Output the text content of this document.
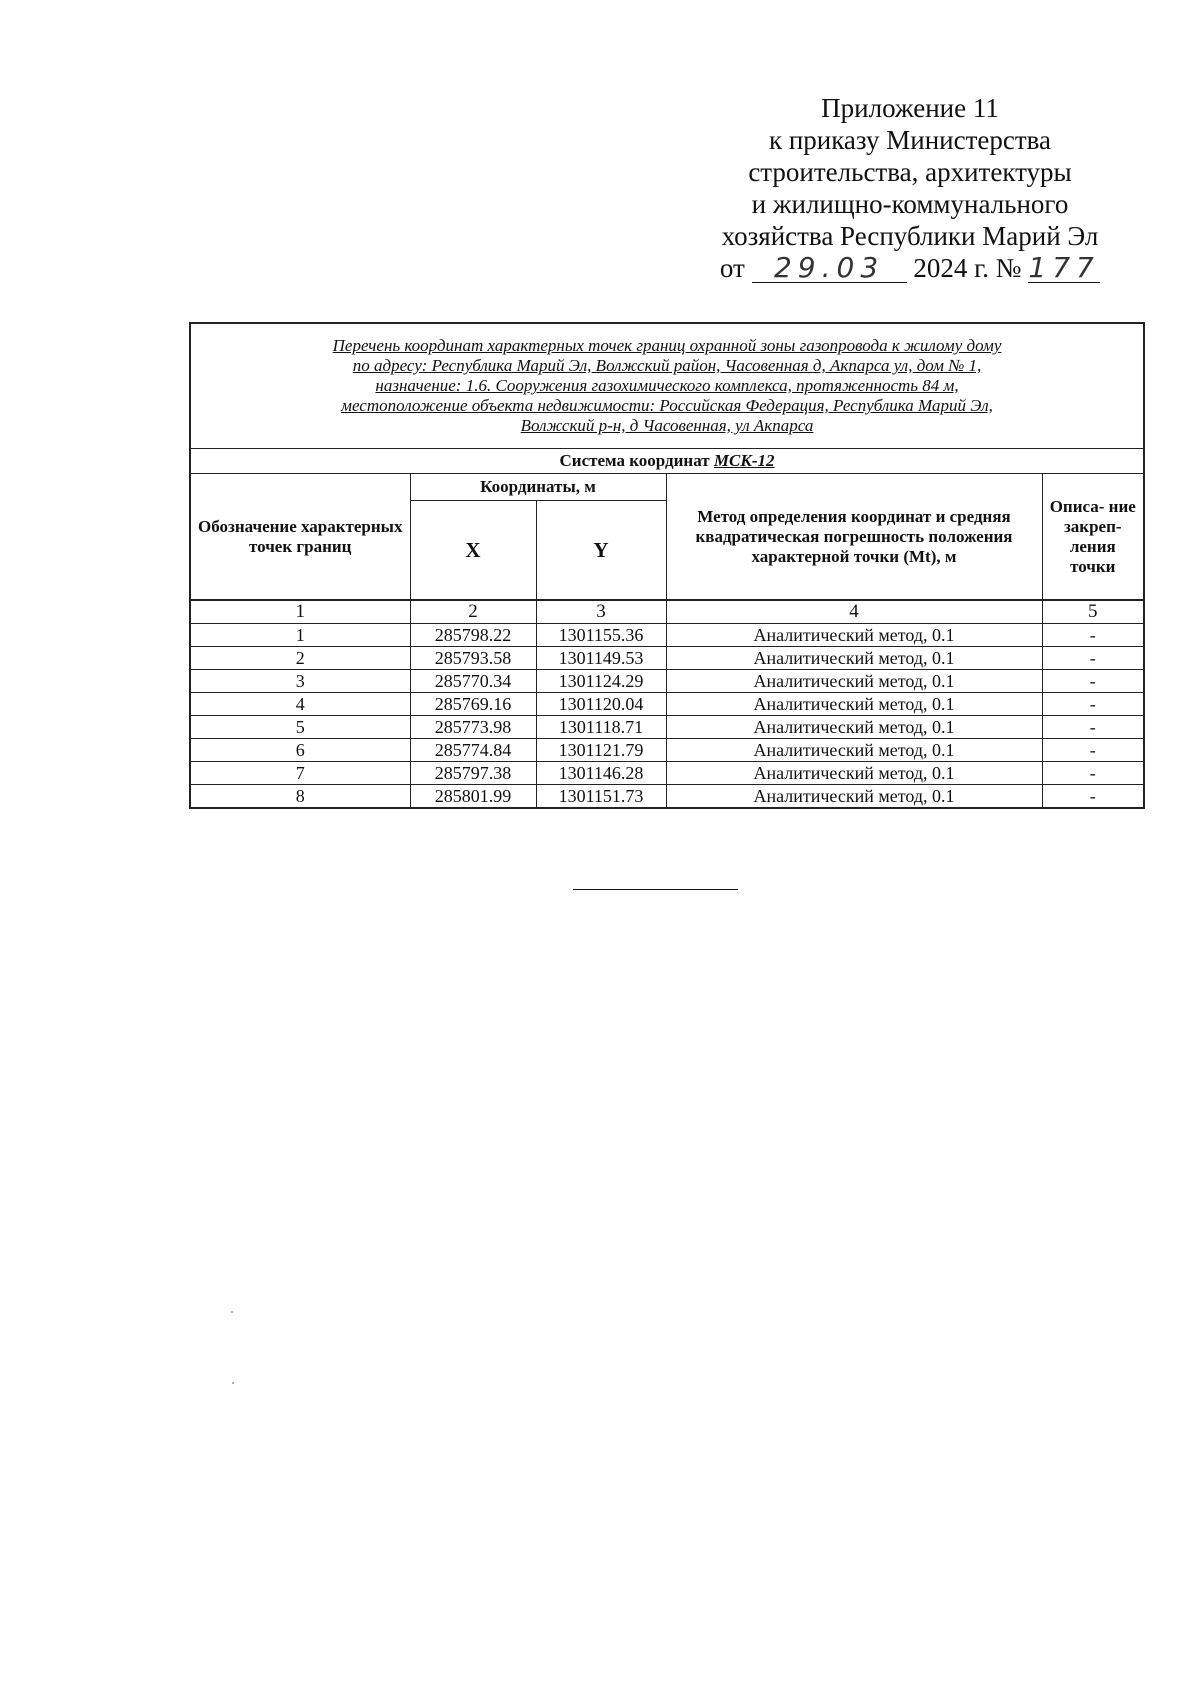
Приложение 11
к приказу Министерства
строительства, архитектуры
и жилищно-коммунального
хозяйства Республики Марий Эл
от 29.03 2024 г. № 177
Перечень координат характерных точек границ охранной зоны газопровода к жилому дому
по адресу: Республика Марий Эл, Волжский район, Часовенная д, Акпарса ул, дом № 1,
назначение: 1.6. Сооружения газохимического комплекса, протяженность 84 м,
местоположение объекта недвижимости: Российская Федерация, Республика Марий Эл,
Волжский р-н, д Часовенная, ул Акпарса				

Система координат МСК-12				
Обозначение характерных точек границ	Координаты, м		Метод определения координат и средняя квадратическая погрешность положения характерной точки (Mt), м	Описа- ние закреп- ления точки
	X	Y		
1	2	3	4	5
1	285798.22	1301155.36	Аналитический метод, 0.1	-
2	285793.58	1301149.53	Аналитический метод, 0.1	-
3	285770.34	1301124.29	Аналитический метод, 0.1	-
4	285769.16	1301120.04	Аналитический метод, 0.1	-
5	285773.98	1301118.71	Аналитический метод, 0.1	-
6	285774.84	1301121.79	Аналитический метод, 0.1	-
7	285797.38	1301146.28	Аналитический метод, 0.1	-
8	285801.99	1301151.73	Аналитический метод, 0.1	-
